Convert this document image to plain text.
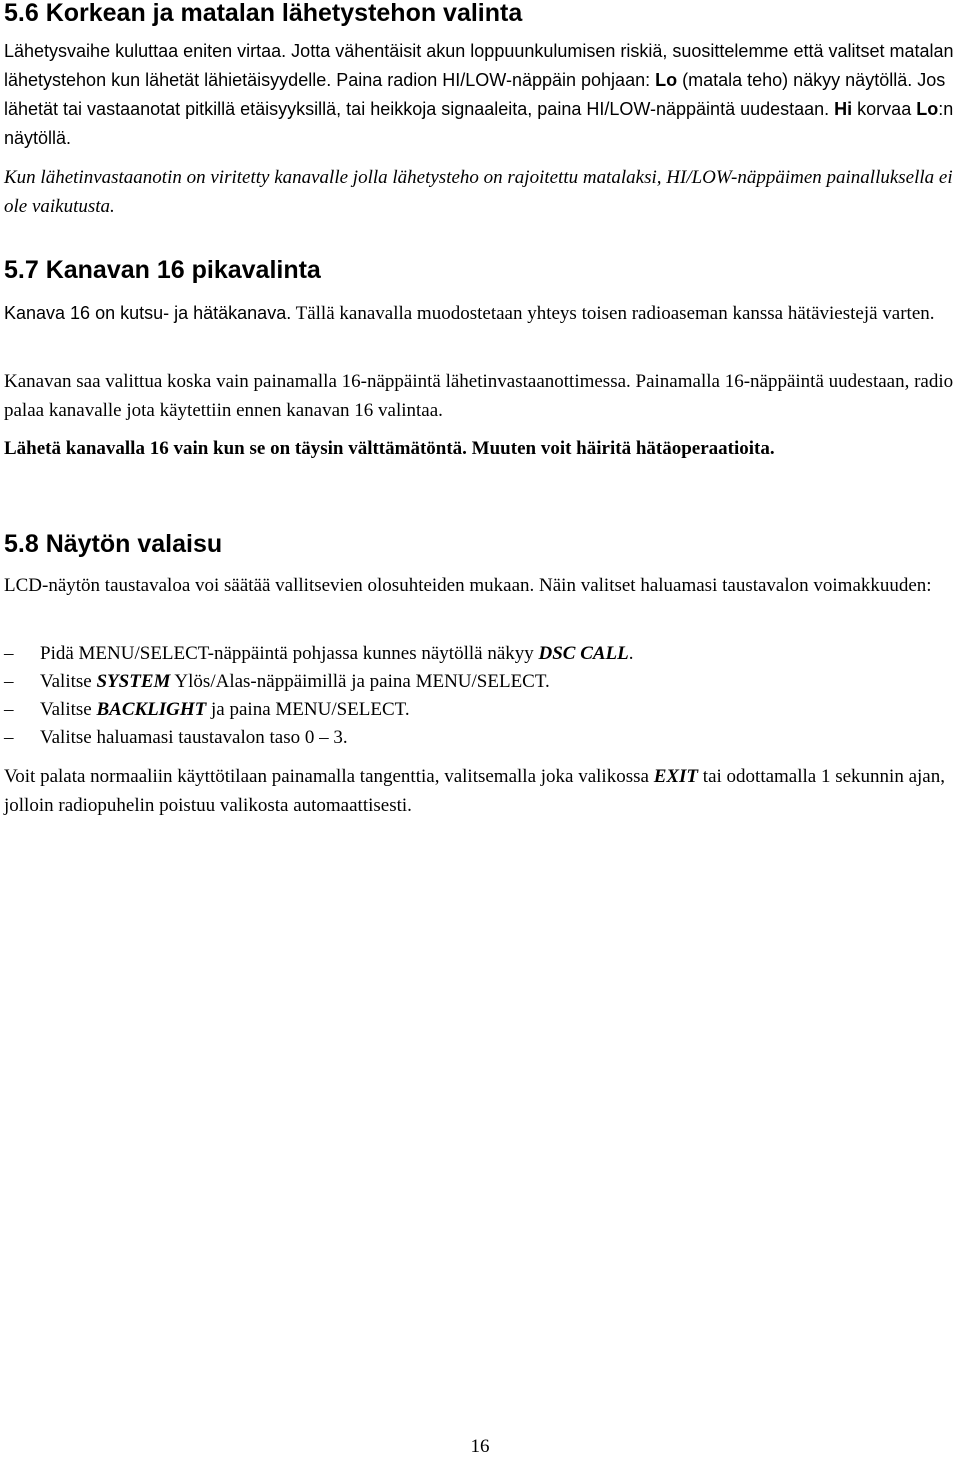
5.6 Korkean ja matalan lähetystehon valinta

Lähetysvaihe kuluttaa eniten virtaa. Jotta vähentäisit akun loppuunkulumisen riskiä, suosittelemme että valitset matalan lähetystehon kun lähetät lähietäisyydelle. Paina radion HI/LOW-näppäin pohjaan: Lo (matala teho) näkyy näytöllä. Jos lähetät tai vastaanotat pitkillä etäisyyksillä, tai heikkoja signaaleita, paina HI/LOW-näppäintä uudestaan. Hi korvaa Lo:n näytöllä.

Kun lähetinvastaanotin on viritetty kanavalle jolla lähetysteho on rajoitettu matalaksi, HI/LOW-näppäimen painalluksella ei ole vaikutusta.

5.7 Kanavan 16 pikavalinta

Kanava 16 on kutsu- ja hätäkanava. Tällä kanavalla muodostetaan yhteys toisen radioaseman kanssa hätäviestejä varten.

Kanavan saa valittua koska vain painamalla 16-näppäintä lähetinvastaanottimessa. Painamalla 16-näppäintä uudestaan, radio palaa kanavalle jota käytettiin ennen kanavan 16 valintaa.

Lähetä kanavalla 16 vain kun se on täysin välttämätöntä. Muuten voit häiritä hätäoperaatioita.

5.8 Näytön valaisu

LCD-näytön taustavaloa voi säätää vallitsevien olosuhteiden mukaan. Näin valitset haluamasi taustavalon voimakkuuden:

– Pidä MENU/SELECT-näppäintä pohjassa kunnes näytöllä näkyy DSC CALL.
– Valitse SYSTEM Ylös/Alas-näppäimillä ja paina MENU/SELECT.
– Valitse BACKLIGHT ja paina MENU/SELECT.
– Valitse haluamasi taustavalon taso 0 – 3.

Voit palata normaaliin käyttötilaan painamalla tangenttia, valitsemalla joka valikossa EXIT tai odottamalla 1 sekunnin ajan, jolloin radiopuhelin poistuu valikosta automaattisesti.

16
